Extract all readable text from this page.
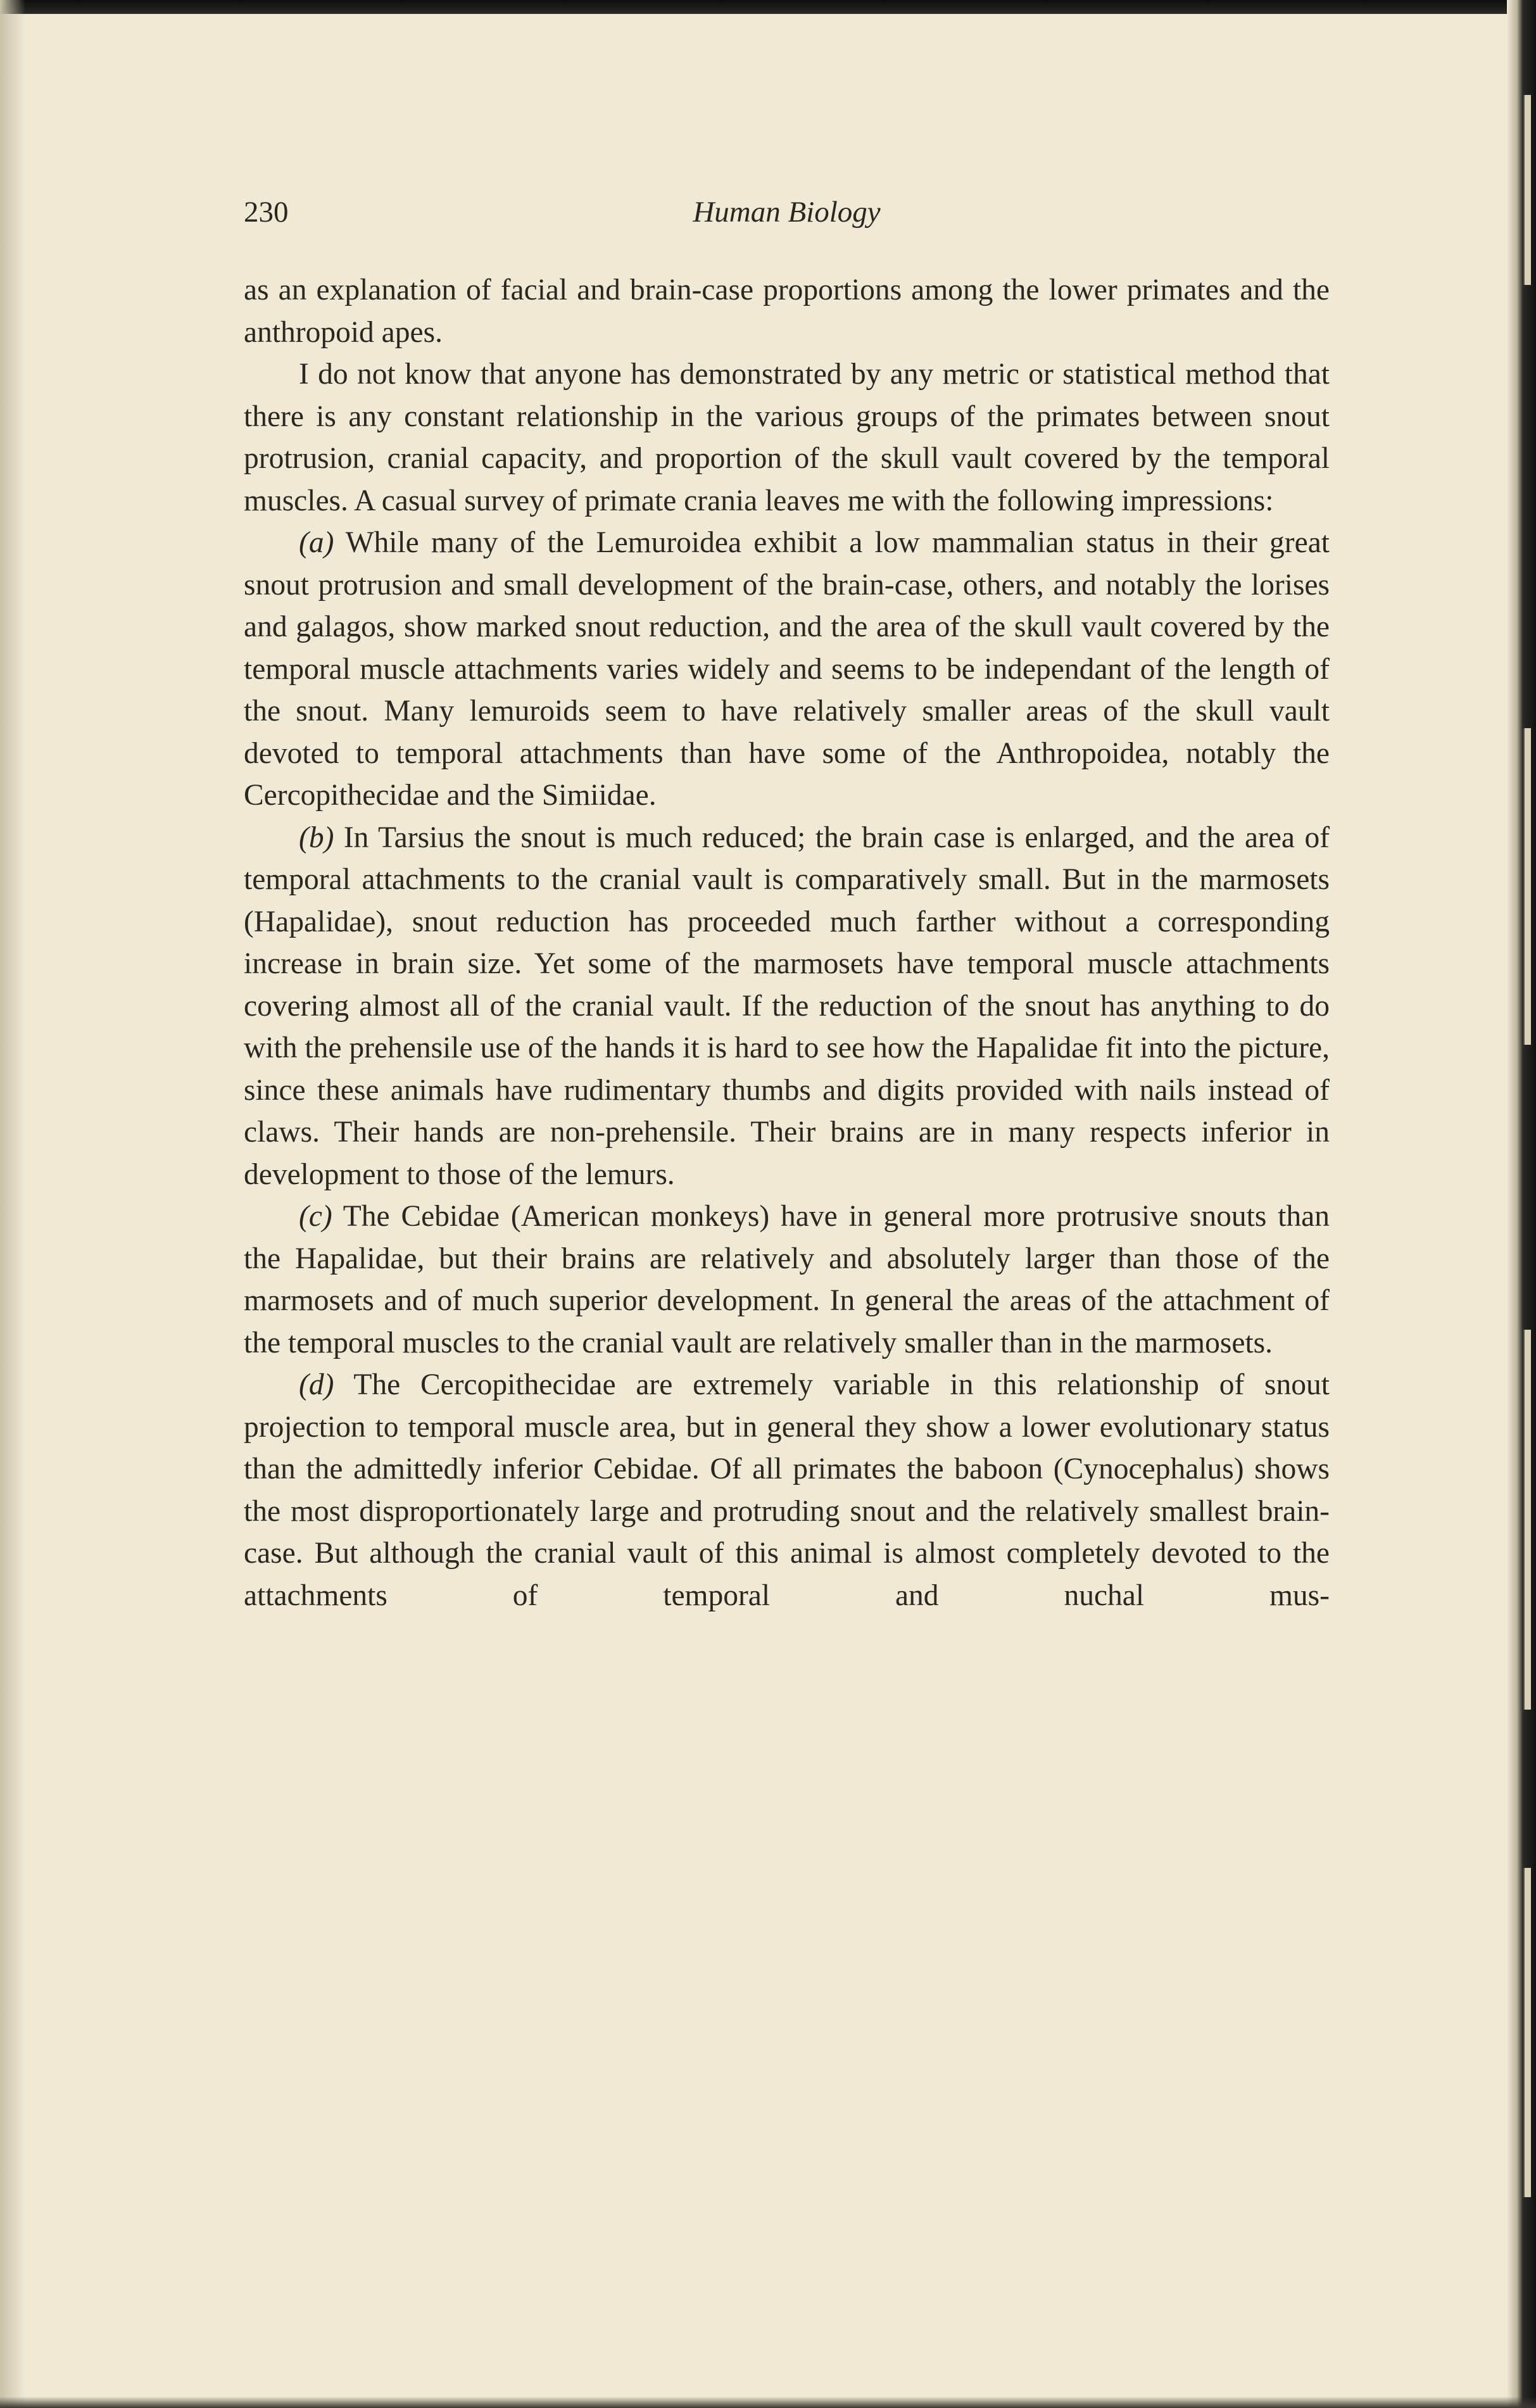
230	Human Biology

as an explanation of facial and brain-case proportions among the lower primates and the anthropoid apes.

I do not know that anyone has demonstrated by any metric or statistical method that there is any constant relationship in the various groups of the primates between snout protrusion, cranial capacity, and proportion of the skull vault covered by the temporal muscles. A casual survey of primate crania leaves me with the following impressions:

(a) While many of the Lemuroidea exhibit a low mammalian status in their great snout protrusion and small development of the brain-case, others, and notably the lorises and galagos, show marked snout reduction, and the area of the skull vault covered by the temporal muscle attachments varies widely and seems to be independant of the length of the snout. Many lemuroids seem to have relatively smaller areas of the skull vault devoted to temporal attachments than have some of the Anthropoidea, notably the Cercopithecidae and the Simiidae.

(b) In Tarsius the snout is much reduced; the brain case is enlarged, and the area of temporal attachments to the cranial vault is comparatively small. But in the marmosets (Hapalidae), snout reduction has proceeded much farther without a corresponding increase in brain size. Yet some of the marmosets have temporal muscle attachments covering almost all of the cranial vault. If the reduction of the snout has anything to do with the prehensile use of the hands it is hard to see how the Hapalidae fit into the picture, since these animals have rudimentary thumbs and digits provided with nails instead of claws. Their hands are non-prehensile. Their brains are in many respects inferior in development to those of the lemurs.

(c) The Cebidae (American monkeys) have in general more protrusive snouts than the Hapalidae, but their brains are relatively and absolutely larger than those of the marmosets and of much superior development. In general the areas of the attachment of the temporal muscles to the cranial vault are relatively smaller than in the marmosets.

(d) The Cercopithecidae are extremely variable in this relationship of snout projection to temporal muscle area, but in general they show a lower evolutionary status than the admittedly inferior Cebidae. Of all primates the baboon (Cynocephalus) shows the most disproportionately large and protruding snout and the relatively smallest brain-case. But although the cranial vault of this animal is almost completely devoted to the attachments of temporal and nuchal mus-
